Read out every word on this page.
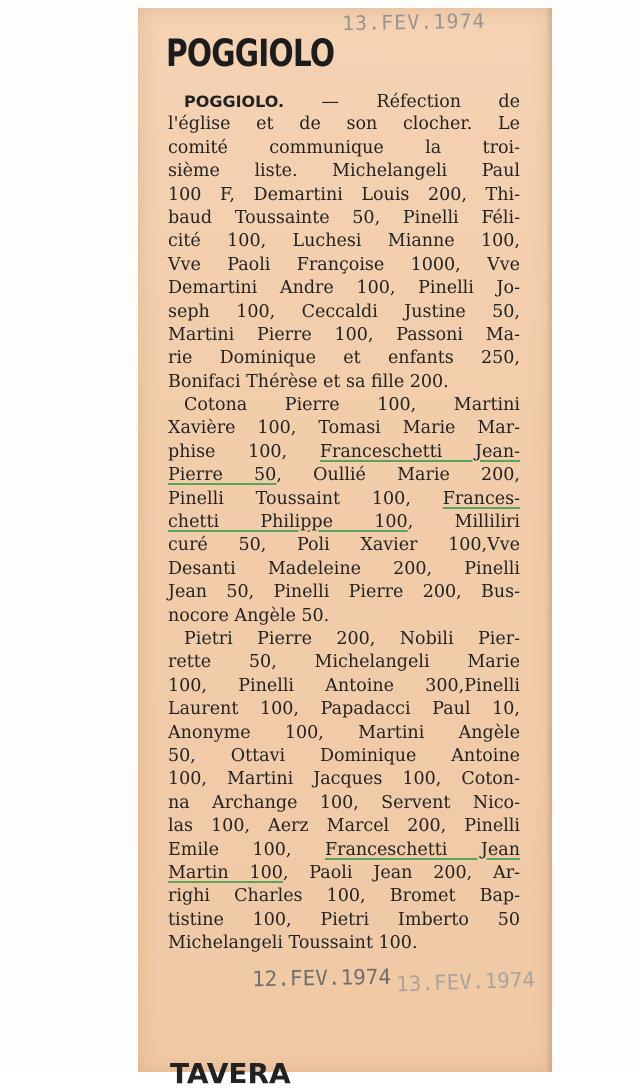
13.FEV.1974
POGGIOLO
POGGIOLO. — Réfection de
l'église et de son clocher. Le
comité communique la troi-
sième liste. Michelangeli Paul
100 F, Demartini Louis 200, Thi-
baud Toussainte 50, Pinelli Féli-
cité 100, Luchesi Mianne 100,
Vve Paoli Françoise 1000, Vve
Demartini Andre 100, Pinelli Jo-
seph 100, Ceccaldi Justine 50,
Martini Pierre 100, Passoni Ma-
rie Dominique et enfants 250,
Bonifaci Thérèse et sa fille 200.
Cotona Pierre 100, Martini
Xavière 100, Tomasi Marie Mar-
phise 100, Franceschetti Jean-
Pierre 50, Oullié Marie 200,
Pinelli Toussaint 100, Frances-
chetti Philippe 100, Milliliri
curé 50, Poli Xavier 100,Vve
Desanti Madeleine 200, Pinelli
Jean 50, Pinelli Pierre 200, Bus-
nocore Angèle 50.
Pietri Pierre 200, Nobili Pier-
rette 50, Michelangeli Marie
100, Pinelli Antoine 300,Pinelli
Laurent 100, Papadacci Paul 10,
Anonyme 100, Martini Angèle
50, Ottavi Dominique Antoine
100, Martini Jacques 100, Coton-
na Archange 100, Servent Nico-
las 100, Aerz Marcel 200, Pinelli
Emile 100, Franceschetti Jean
Martin 100, Paoli Jean 200, Ar-
righi Charles 100, Bromet Bap-
tistine 100, Pietri Imberto 50
Michelangeli Toussaint 100.
12.FEV.1974 13.FEV.1974
TAVERA
